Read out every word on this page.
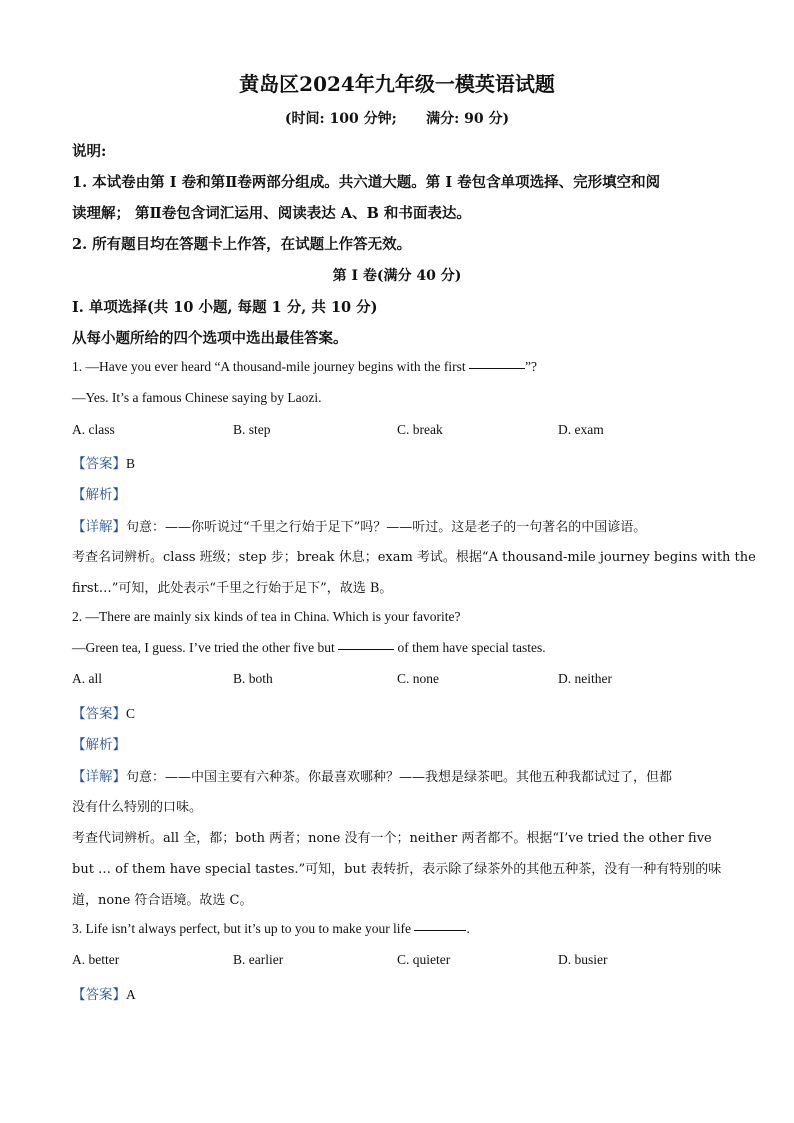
黄岛区2024年九年级一模英语试题
(时间: 100 分钟;      满分: 90 分)
说明:
1. 本试卷由第 I 卷和第Ⅱ卷两部分组成。共六道大题。第 I 卷包含单项选择、完形填空和阅
读理解； 第Ⅱ卷包含词汇运用、阅读表达 A、B 和书面表达。
2. 所有题目均在答题卡上作答，在试题上作答无效。
第 I 卷(满分 40 分)
I. 单项选择(共 10 小题, 每题 1 分, 共 10 分)
从每小题所给的四个选项中选出最佳答案。
1. —Have you ever heard “A thousand-mile journey begins with the first	”?
—Yes. It’s a famous Chinese saying by Laozi.
A. class	B. step	C. break	D. exam
【答案】B
【解析】
【详解】句意：——你听说过“千里之行始于足下”吗？——听过。这是老子的一句著名的中国谚语。
考查名词辨析。class 班级；step 步；break 休息；exam 考试。根据“A thousand-mile journey begins with the
first…”可知，此处表示“千里之行始于足下”，故选 B。
2. —There are mainly six kinds of tea in China. Which is your favorite?
—Green tea, I guess. I’ve tried the other five but	of them have special tastes.
A. all	B. both	C. none	D. neither
【答案】C
【解析】
【详解】句意：——中国主要有六种茶。你最喜欢哪种？——我想是绿茶吧。其他五种我都试过了，但都
没有什么特别的口味。
考查代词辨析。all 全，都；both 两者；none 没有一个；neither 两者都不。根据“I’ve tried the other five
but … of them have special tastes.”可知，but 表转折，表示除了绿茶外的其他五种茶，没有一种有特别的味
道，none 符合语境。故选 C。
3. Life isn’t always perfect, but it’s up to you to make your life	.
A. better	B. earlier	C. quieter	D. busier
【答案】A
